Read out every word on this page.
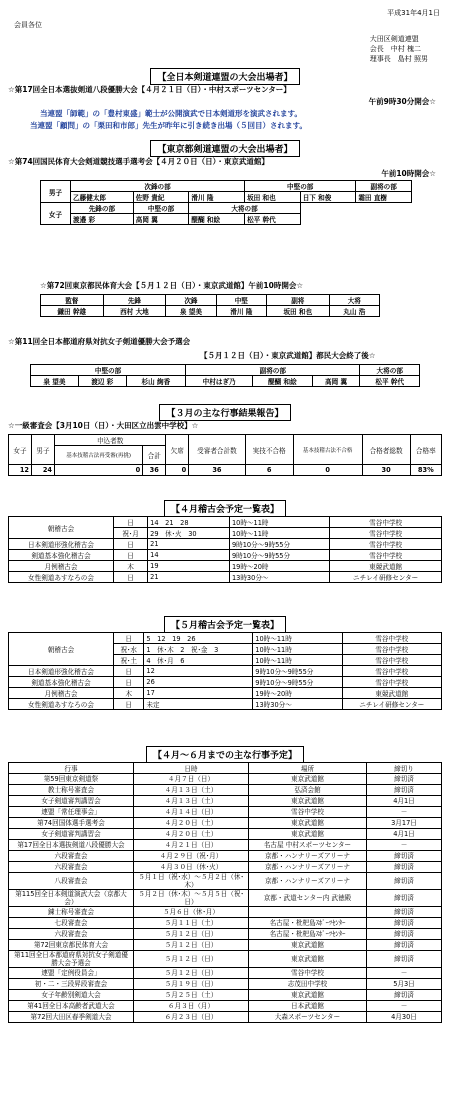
平成31年4月1日
会員各位
大田区剣道連盟
会長　中村 槐二
理事長　島村 照男
【全日本剣道連盟の大会出場者】
☆第17回全日本選抜剣道八段優勝大会【４月２１日（日）・中村スポーツセンター】
午前9時30分開会☆
当連盟「師範」の「豊村東盛」範士が公開演武で日本剣道形を演武されます。
当連盟「顧問」の「栗田和市郎」先生が昨年に引き続き出場（５回目）されます。
【東京都剣道連盟の大会出場者】
☆第74回国民体育大会剣道競技選手選考会【４月２０日（日）・東京武道館】
午前10時開会☆
男子	次鋒の部			中堅の部		副将の部
	乙藤健太郎	佐野 貴紀	滑川 隆	坂田 和也	日下 和俊	霜田 直樹
女子	先鋒の部	中堅の部	大将の部			
	渡邉 彩	高岡 翼	醍醐 和絵	松平 幹代		
☆第72回東京都民体育大会【５月１２日（日）・東京武道館】午前10時開会☆
監督	先鋒	次鋒	中堅	副将	大将
鎌田 幹雄	西村 大地	泉 望美	滑川 隆	坂田 和也	丸山 浩
☆第11回全日本都道府県対抗女子剣道優勝大会予選会
【５月１２日（日）・東京武道館】都民大会終了後☆
中堅の部			副将の部			大将の部
泉 望美	渡辺 彩	杉山 絢香	中村はぎ乃	醍醐 和絵	高岡 翼	松平 幹代
【３月の主な行事結果報告】
☆一級審査会【3月10日（日）・大田区立出雲中学校】☆
女子	男子	申込者数		欠席	受審者合計数	実技不合格	基本技稽古法不合格	合格者総数	合格率
		基本技稽古法再受審(再挑)	合計						
12	24	0	36	0	36	6	0	30	83%
【４月稽古会予定一覧表】
朝稽古会	日	14　21　28	10時～11時	雪谷中学校
	祝･月	29　休･火　30	10時～11時	雪谷中学校
日本剣道形強化稽古会	日	21	9時10分～9時55分	雪谷中学校
剣道基本強化稽古会	日	14	9時10分～9時55分	雪谷中学校
月例稽古会	木	19	19時～20時	東競武道館
女性剣道あすなろの会	日	21	13時30分～	ニチレイ研修センター
【５月稽古会予定一覧表】
朝稽古会	日	5　12　19　26	10時～11時	雪谷中学校
	祝･水	1　休･木　2　祝･金　3	10時～11時	雪谷中学校
	祝･土	4　休･月　6	10時～11時	雪谷中学校
日本剣道形強化稽古会	日	12	9時10分～9時55分	雪谷中学校
剣道基本強化稽古会	日	26	9時10分～9時55分	雪谷中学校
月例稽古会	木	17	19時～20時	東競武道館
女性剣道あすなろの会	日	未定	13時30分～	ニチレイ研修センター
【４月～６月までの主な行事予定】
行事	日時	場所	締切り
第59回東京剣道祭	４月７日（日）	東京武道館	締切済
教士称号審査会	４月１３日（土）	弘済会館	締切済
女子剣道審判講習会	４月１３日（土）	東京武道館	4月1日
連盟「常任理事会」	４月１４日（日）	雪谷中学校	－
第74回国体選手選考会	４月２０日（土）	東京武道館	3月17日
女子剣道審判講習会	４月２０日（土）	東京武道館	4月1日
第17回全日本選抜剣道八段優勝大会	４月２１日（日）	名古屋 中村スポーツセンター	－
六段審査会	４月２９日（祝･月）	京都・ハンナリーズアリーナ	締切済
六段審査会	４月３０日（休･火）	京都・ハンナリーズアリーナ	締切済
八段審査会	５月１日（祝･水）～５月２日（休･木）	京都・ハンナリーズアリーナ	締切済
第115回全日本剣道演武大会（京都大会）	５月２日（休･木）～５月５日（祝･日）	京都・武道センター内 武徳殿	締切済
錬士称号審査会	５月６日（休･月）		締切済
七段審査会	５月１１日（土）	名古屋・枇杷島ｽﾎﾟｰﾂｾﾝﾀｰ	締切済
六段審査会	５月１２日（日）	名古屋・枇杷島ｽﾎﾟｰﾂｾﾝﾀｰ	締切済
第72回東京都民体育大会	５月１２日（日）	東京武道館	締切済
第11回全日本都道府県対抗女子剣道優勝大会予選会	５月１２日（日）	東京武道館	締切済
連盟「定例役員会」	５月１２日（日）	雪谷中学校	－
初・二・三段昇段審査会	５月１９日（日）	志茂田中学校	5月3日
女子年齢別剣道大会	５月２５日（土）	東京武道館	締切済
第41回全日本高齢者武道大会	６月３日（月）	日本武道館	－
第72回大田区春季剣道大会	６月２３日（日）	大森スポーツセンター	4月30日
